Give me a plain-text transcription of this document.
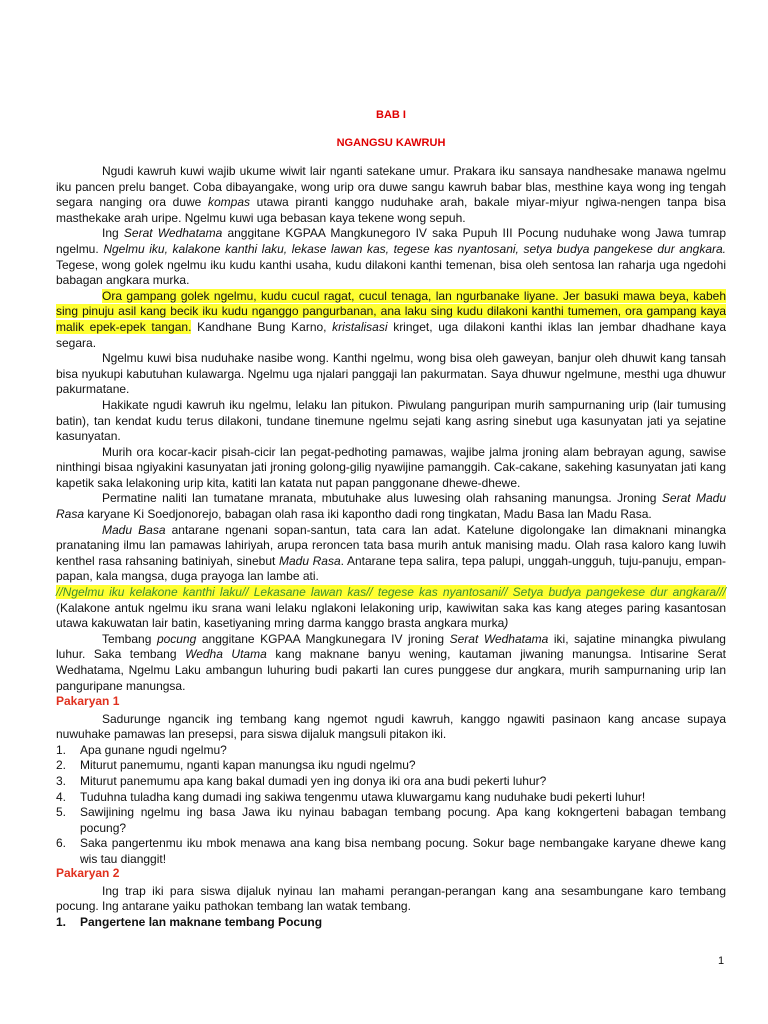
BAB I
NGANGSU KAWRUH

Ngudi kawruh kuwi wajib ukume wiwit lair nganti satekane umur. Prakara iku sansaya nandhesake manawa ngelmu iku pancen prelu banget. Coba dibayangake, wong urip ora duwe sangu kawruh babar blas, mesthine kaya wong ing tengah segara nanging ora duwe kompas utawa piranti kanggo nuduhake arah, bakale miyar-miyur ngiwa-nengen tanpa bisa masthekake arah uripe. Ngelmu kuwi uga bebasan kaya tekene wong sepuh.

Ing Serat Wedhatama anggitane KGPAA Mangkunegoro IV saka Pupuh III Pocung nuduhake wong Jawa tumrap ngelmu. Ngelmu iku, kalakone kanthi laku, lekase lawan kas, tegese kas nyantosani, setya budya pangekese dur angkara. Tegese, wong golek ngelmu iku kudu kanthi usaha, kudu dilakoni kanthi temenan, bisa oleh sentosa lan raharja uga ngedohi babagan angkara murka.

Ora gampang golek ngelmu, kudu cucul ragat, cucul tenaga, lan ngurbanake liyane. Jer basuki mawa beya, kabeh sing pinuju asil kang becik iku kudu nganggo pangurbanan, ana laku sing kudu dilakoni kanthi tumemen, ora gampang kaya malik epek-epek tangan. Kandhane Bung Karno, kristalisasi kringet, uga dilakoni kanthi iklas lan jembar dhadhane kaya segara.

Ngelmu kuwi bisa nuduhake nasibe wong. Kanthi ngelmu, wong bisa oleh gaweyan, banjur oleh dhuwit kang tansah bisa nyukupi kabutuhan kulawarga. Ngelmu uga njalari panggaji lan pakurmatan. Saya dhuwur ngelmune, mesthi uga dhuwur pakurmatane.

Hakikate ngudi kawruh iku ngelmu, lelaku lan pitukon. Piwulang panguripan murih sampurnaning urip (lair tumusing batin), tan kendat kudu terus dilakoni, tundane tinemune ngelmu sejati kang asring sinebut uga kasunyatan jati ya sejatine kasunyatan.

Murih ora kocar-kacir pisah-cicir lan pegat-pedhoting pamawas, wajibe jalma jroning alam bebrayan agung, sawise ninthingi bisaa ngiyakini kasunyatan jati jroning golong-gilig nyawijine pamanggih. Cak-cakane, sakehing kasunyatan jati kang kapetik saka lelakoning urip kita, katiti lan katata nut papan panggonane dhewe-dhewe.

Permatine naliti lan tumatane mranata, mbutuhake alus luwesing olah rahsaning manungsa. Jroning Serat Madu Rasa karyane Ki Soedjonorejo, babagan olah rasa iki kapontho dadi rong tingkatan, Madu Basa lan Madu Rasa.

Madu Basa antarane ngenani sopan-santun, tata cara lan adat. Katelune digolongake lan dimaknani minangka pranataning ilmu lan pamawas lahiriyah, arupa reroncen tata basa murih antuk manising madu. Olah rasa kaloro kang luwih kenthel rasa rahsaning batiniyah, sinebut Madu Rasa. Antarane tepa salira, tepa palupi, unggah-ungguh, tuju-panuju, empan-papan, kala mangsa, duga prayoga lan lambe ati.

//Ngelmu iku kelakone kanthi laku// Lekasane lawan kas// tegese kas nyantosani// Setya budya pangekese dur angkara/// (Kalakone antuk ngelmu iku srana wani lelaku nglakoni lelakoning urip, kawiwitan saka kas kang ateges paring kasantosan utawa kakuwatan lair batin, kasetiyaning mring darma kanggo brasta angkara murka)

Tembang pocung anggitane KGPAA Mangkunegara IV jroning Serat Wedhatama iki, sajatine minangka piwulang luhur. Saka tembang Wedha Utama kang maknane banyu wening, kautaman jiwaning manungsa. Intisarine Serat Wedhatama, Ngelmu Laku ambangun luhuring budi pakarti lan cures punggese dur angkara, murih sampurnaning urip lan panguripane manungsa.

Pakaryan 1

Sadurunge ngancik ing tembang kang ngemot ngudi kawruh, kanggo ngawiti pasinaon kang ancase supaya nuwuhake pamawas lan presepsi, para siswa dijaluk mangsuli pitakon iki.

1. Apa gunane ngudi ngelmu?
2. Miturut panemumu, nganti kapan manungsa iku ngudi ngelmu?
3. Miturut panemumu apa kang bakal dumadi yen ing donya iki ora ana budi pekerti luhur?
4. Tuduhna tuladha kang dumadi ing sakiwa tengenmu utawa kluwargamu kang nuduhake budi pekerti luhur!
5. Sawijining ngelmu ing basa Jawa iku nyinau babagan tembang pocung. Apa kang kokngerteni babagan tembang pocung?
6. Saka pangertenmu iku mbok menawa ana kang bisa nembang pocung. Sokur bage nembangake karyane dhewe kang wis tau dianggit!
Pakaryan 2

Ing trap iki para siswa dijaluk nyinau lan mahami perangan-perangan kang ana sesambungane karo tembang pocung. Ing antarane yaiku pathokan tembang lan watak tembang.

1. Pangertene lan maknane tembang Pocung
1
